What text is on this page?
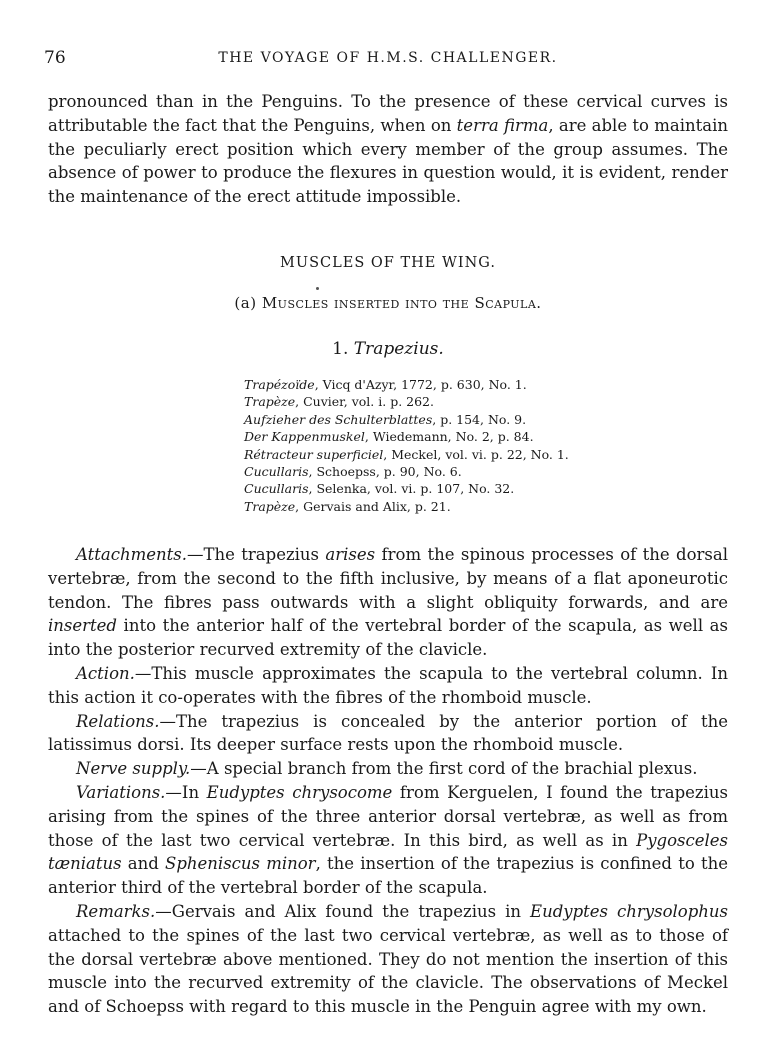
76	THE VOYAGE OF H.M.S. CHALLENGER.

pronounced than in the Penguins. To the presence of these cervical curves is attributable the fact that the Penguins, when on terra firma, are able to maintain the peculiarly erect position which every member of the group assumes. The absence of power to produce the flexures in question would, it is evident, render the maintenance of the erect attitude impossible.

MUSCLES OF THE WING.
(a) Muscles inserted into the Scapula.
1. Trapezius.
Trapézoïde, Vicq d'Azyr, 1772, p. 630, No. 1.
Trapèze, Cuvier, vol. i. p. 262.
Aufzieher des Schulterblattes, p. 154, No. 9.
Der Kappenmuskel, Wiedemann, No. 2, p. 84.
Rétracteur superficiel, Meckel, vol. vi. p. 22, No. 1.
Cucullaris, Schoepss, p. 90, No. 6.
Cucullaris, Selenka, vol. vi. p. 107, No. 32.
Trapèze, Gervais and Alix, p. 21.

Attachments.—The trapezius arises from the spinous processes of the dorsal vertebræ, from the second to the fifth inclusive, by means of a flat aponeurotic tendon. The fibres pass outwards with a slight obliquity forwards, and are inserted into the anterior half of the vertebral border of the scapula, as well as into the posterior recurved extremity of the clavicle.

Action.—This muscle approximates the scapula to the vertebral column. In this action it co-operates with the fibres of the rhomboid muscle.

Relations.—The trapezius is concealed by the anterior portion of the latissimus dorsi. Its deeper surface rests upon the rhomboid muscle.

Nerve supply.—A special branch from the first cord of the brachial plexus.

Variations.—In Eudyptes chrysocome from Kerguelen, I found the trapezius arising from the spines of the three anterior dorsal vertebræ, as well as from those of the last two cervical vertebræ. In this bird, as well as in Pygosceles tæniatus and Spheniscus minor, the insertion of the trapezius is confined to the anterior third of the vertebral border of the scapula.

Remarks.—Gervais and Alix found the trapezius in Eudyptes chrysolophus attached to the spines of the last two cervical vertebræ, as well as to those of the dorsal vertebræ above mentioned. They do not mention the insertion of this muscle into the recurved extremity of the clavicle. The observations of Meckel and of Schoepss with regard to this muscle in the Penguin agree with my own.
